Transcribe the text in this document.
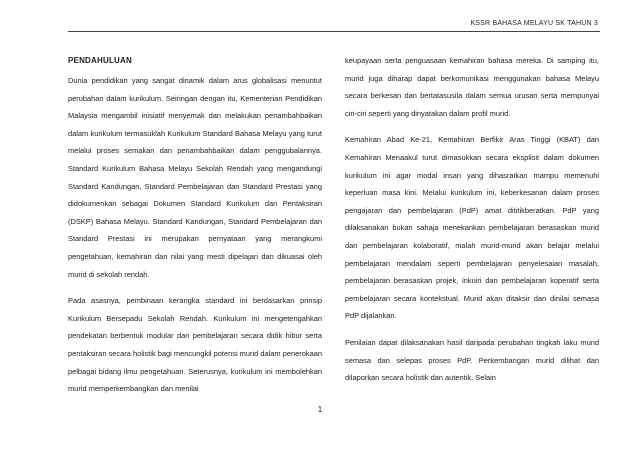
KSSR BAHASA MELAYU SK TAHUN 3
PENDAHULUAN

Dunia pendidikan yang sangat dinamik dalam arus globalisasi menuntut perubahan dalam kurikulum. Seiringan dengan itu, Kementerian Pendidikan Malaysia mengambil inisiatif menyemak dan melakukan penambahbaikan dalam kurikulum termasuklah Kurikulum Standard Bahasa Melayu yang turut melalui proses semakan dan penambahbaikan dalam penggubalannya. Standard Kurikulum Bahasa Melayu Sekolah Rendah yang mengandungi Standard Kandungan, Standard Pembelajaran dan Standard Prestasi yang didokumenkan sebagai Dokumen Standard Kurikulum dan Pentaksiran (DSKP) Bahasa Melayu. Standard Kandungan, Standard Pembelajaran dan Standard Prestasi ini merupakan pernyataan yang merangkumi pengetahuan, kemahiran dan nilai yang mesti dipelajari dan dikuasai oleh murid di sekolah rendah.

Pada asasnya, pembinaan kerangka standard ini berdasarkan prinsip Kurikulum Bersepadu Sekolah Rendah. Kurikulum ini mengetengahkan pendekatan berbentuk modular dan pembelajaran secara didik hibur serta pentaksiran secara holistik bagi mencungkil potensi murid dalam penerokaan pelbagai bidang ilmu pengetahuan. Seterusnya, kurikulum ini membolehkan murid memperkembangkan dan menilai

keupayaan serta penguasaan kemahiran bahasa mereka. Di samping itu, murid juga diharap dapat berkomunikasi menggunakan bahasa Melayu secara berkesan dan bertatasusila dalam semua urusan serta mempunyai ciri-ciri seperti yang dinyatakan dalam profil murid.

Kemahiran Abad Ke-21, Kemahiran Berfikir Aras Tinggi (KBAT) dan Kemahiran Menaakul turut dimasukkan secara eksplisit dalam dokumen kurikulum ini agar modal insan yang dihasratkan mampu memenuhi keperluan masa kini. Melalui kurikulum ini, keberkesanan dalam proses pengajaran dan pembelajaran (PdP) amat dititikberatkan. PdP yang dilaksanakan bukan sahaja menekankan pembelajaran berasaskan murid dan pembelajaran kolaboratif, malah murid-murid akan belajar melalui pembelajaran mendalam seperti pembelajaran penyelesaian masalah, pembelajaran berasaskan projek, inkuiri dan pembelajaran koperatif serta pembelajaran secara kontekstual. Murid akan ditaksir dan dinilai semasa PdP dijalankan.

Penilaian dapat dilaksanakan hasil daripada perubahan tingkah laku murid semasa dan selepas proses PdP. Perkembangan murid dilihat dan dilaporkan secara holistik dan autentik. Selain

1
